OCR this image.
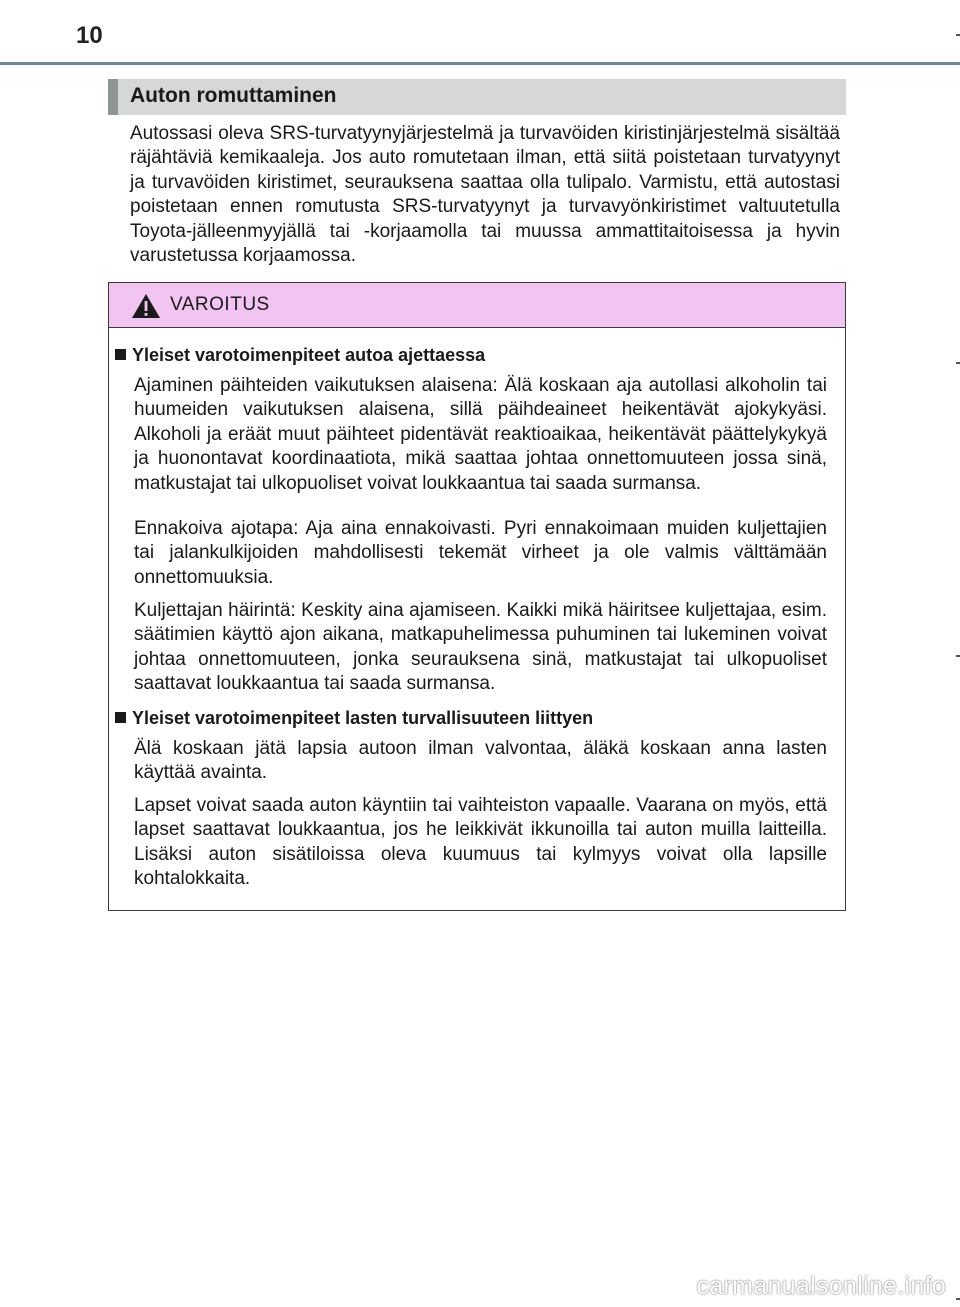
10
Auton romuttaminen

Autossasi oleva SRS-turvatyynyjärjestelmä ja turvavöiden kiristinjärjestelmä sisältää räjähtäviä kemikaaleja. Jos auto romutetaan ilman, että siitä poistetaan turvatyynyt ja turvavöiden kiristimet, seurauksena saattaa olla tulipalo. Varmistu, että autostasi poistetaan ennen romutusta SRS-turvatyynyt ja turvavyönkiristimet valtuutetulla Toyota-jälleenmyyjällä tai -korjaamolla tai muussa ammattitaitoisessa ja hyvin varustetussa korjaamossa.

VAROITUS
Yleiset varotoimenpiteet autoa ajettaessa

Ajaminen päihteiden vaikutuksen alaisena: Älä koskaan aja autollasi alkoholin tai huumeiden vaikutuksen alaisena, sillä päihdeaineet heikentävät ajokykyäsi. Alkoholi ja eräät muut päihteet pidentävät reaktioaikaa, heikentävät päättelykykyä ja huonontavat koordinaatiota, mikä saattaa johtaa onnettomuuteen jossa sinä, matkustajat tai ulkopuoliset voivat loukkaantua tai saada surmansa.

Ennakoiva ajotapa: Aja aina ennakoivasti. Pyri ennakoimaan muiden kuljettajien tai jalankulkijoiden mahdollisesti tekemät virheet ja ole valmis välttämään onnettomuuksia.

Kuljettajan häirintä: Keskity aina ajamiseen. Kaikki mikä häiritsee kuljettajaa, esim. säätimien käyttö ajon aikana, matkapuhelimessa puhuminen tai lukeminen voivat johtaa onnettomuuteen, jonka seurauksena sinä, matkustajat tai ulkopuoliset saattavat loukkaantua tai saada surmansa.

Yleiset varotoimenpiteet lasten turvallisuuteen liittyen

Älä koskaan jätä lapsia autoon ilman valvontaa, äläkä koskaan anna lasten käyttää avainta.

Lapset voivat saada auton käyntiin tai vaihteiston vapaalle. Vaarana on myös, että lapset saattavat loukkaantua, jos he leikkivät ikkunoilla tai auton muilla laitteilla. Lisäksi auton sisätiloissa oleva kuumuus tai kylmyys voivat olla lapsille kohtalokkaita.

carmanualsonline.info
